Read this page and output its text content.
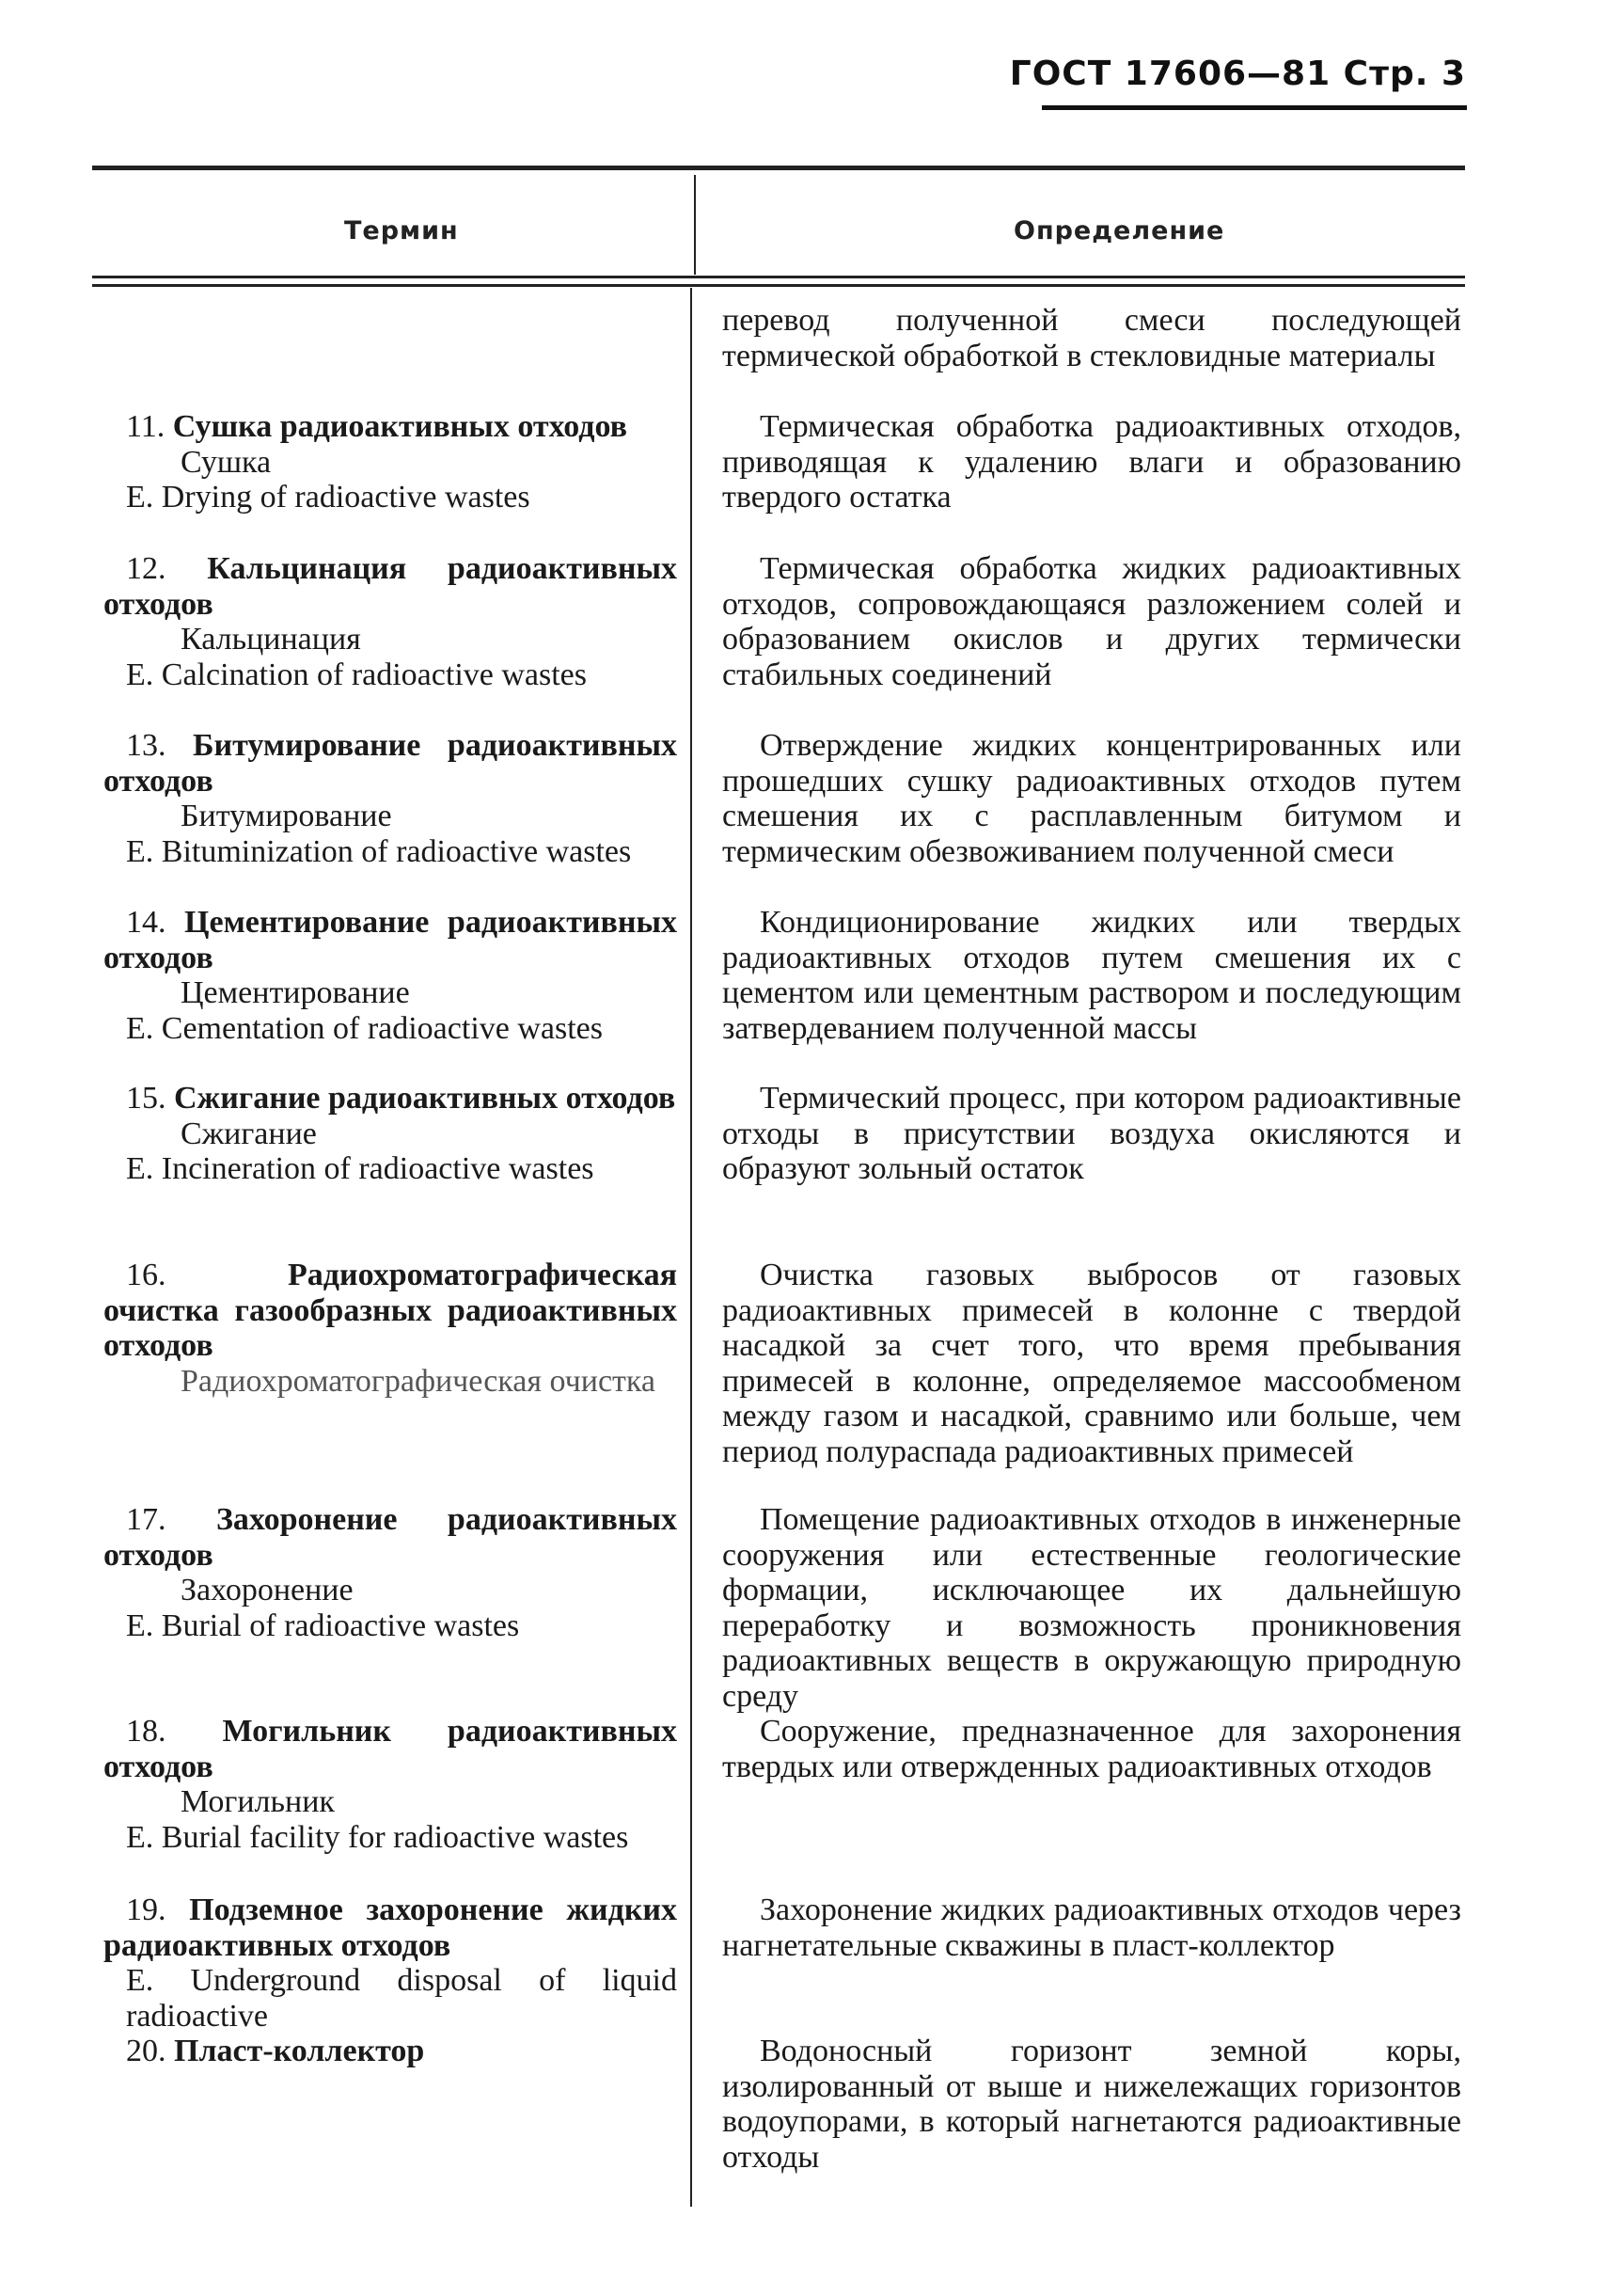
ГОСТ 17606—81 Стр. 3
Термин	Определение
11. Сушка радиоактивных отходов
Сушка
E. Drying of radioactive wastes
12. Кальцинация радиоактивных отходов
Кальцинация
E. Calcination of radioactive wastes
13. Битумирование радиоактивных отходов
Битумирование
E. Bituminization of radioactive wastes
14. Цементирование радиоактивных отходов
Цементирование
E. Cementation of radioactive wastes
15. Сжигание радиоактивных отходов
Сжигание
E. Incineration of radioactive wastes
16.	Радиохроматографическая очистка газообразных радиоактивных отходов
Радиохроматографическая очистка
17. Захоронение радиоактивных отходов
Захоронение
E. Burial of radioactive wastes
18. Могильник радиоактивных отходов
Могильник
E. Burial facility for radioactive wastes
19. Подземное захоронение жидких радиоактивных отходов
E. Underground disposal of liquid radioactive
20. Пласт-коллектор
перевод полученной смеси последующей термической обработкой в стекловидные материалы
Термическая обработка радиоактивных отходов, приводящая к удалению влаги и образованию твердого остатка
Термическая обработка жидких радиоактивных отходов, сопровождающаяся разложением солей и образованием окислов и других термически стабильных соединений
Отверждение жидких концентрированных или прошедших сушку радиоактивных отходов путем смешения их с расплавленным битумом и термическим обезвоживанием полученной смеси
Кондиционирование жидких или твердых радиоактивных отходов путем смешения их с цементом или цементным раствором и последующим затвердеванием полученной массы
Термический процесс, при котором радиоактивные отходы в присутствии воздуха окисляются и образуют зольный остаток
Очистка газовых выбросов от газовых радиоактивных примесей в колонне с твердой насадкой за счет того, что время пребывания примесей в колонне, определяемое массообменом между газом и насадкой, сравнимо или больше, чем период полураспада радиоактивных примесей
Помещение радиоактивных отходов в инженерные сооружения или естественные геологические формации, исключающее их дальнейшую переработку и возможность проникновения радиоактивных веществ в окружающую природную среду
Сооружение, предназначенное для захоронения твердых или отвержденных радиоактивных отходов
Захоронение жидких радиоактивных отходов через нагнетательные скважины в пласт-коллектор
Водоносный горизонт земной коры, изолированный от выше и нижележащих горизонтов водоупорами, в который нагнетаются радиоактивные отходы
